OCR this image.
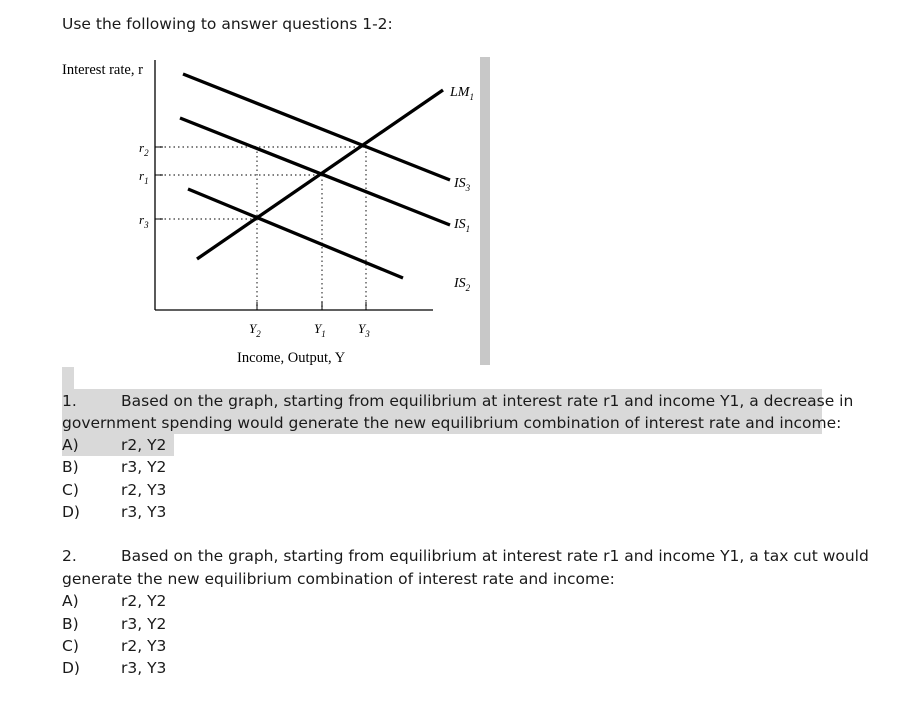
Use the following to answer questions 1-2:
Interest rate, r
$r_2$
$r_1$
$r_3$
$Y_2$	$Y_1$ $Y_3$
Income, Output, Y
$LM_1$
$IS_3$
$IS_1$
$IS_2$
1.	Based on the graph, starting from equilibrium at interest rate r1 and income Y1, a decrease in
government spending would generate the new equilibrium combination of interest rate and income:
A)	r2, Y2
B)	r3, Y2
C)	r2, Y3
D)	r3, Y3
2.	Based on the graph, starting from equilibrium at interest rate r1 and income Y1, a tax cut would
generate the new equilibrium combination of interest rate and income:
A)	r2, Y2
B)	r3, Y2
C)	r2, Y3
D)	r3, Y3
